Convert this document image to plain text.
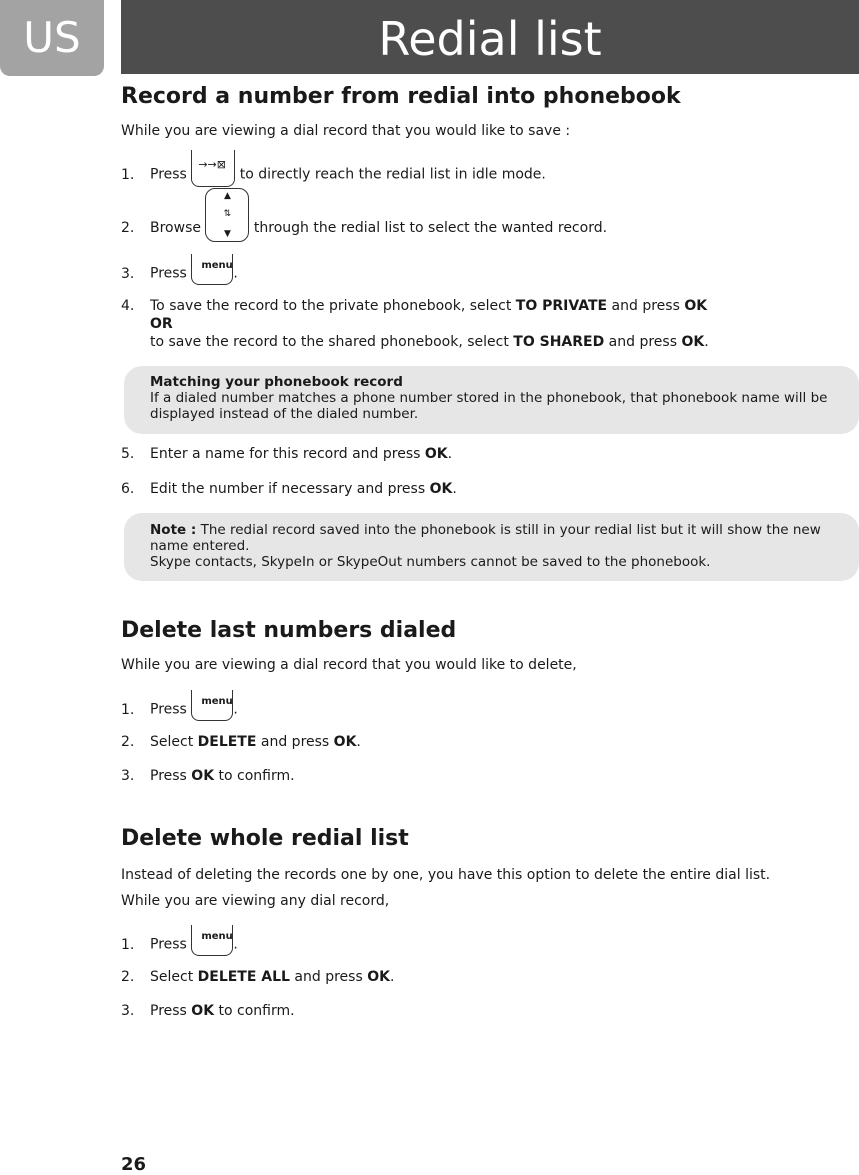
US	Redial list
Record a number from redial into phonebook

While you are viewing a dial record that you would like to save :

1. Press
→→⊠
to directly reach the redial list in idle mode.

2. Browse
▲
⇅
▼	through the redial list to select the wanted record.

3. Press menu .

4. To save the record to the private phonebook, select TO PRIVATE and press OK

OR

to save the record to the shared phonebook, select TO SHARED and press OK.

Matching your phonebook record
If a dialed number matches a phone number stored in the phonebook, that phonebook name will be displayed instead of the dialed number.

5. Enter a name for this record and press OK.

6. Edit the number if necessary and press OK.

Note : The redial record saved into the phonebook is still in your redial list but it will show the new name entered.
Skype contacts, SkypeIn or SkypeOut numbers cannot be saved to the phonebook.
Delete last numbers dialed

While you are viewing a dial record that you would like to delete,

1. Press menu .

2. Select DELETE and press OK.

3. Press OK to confirm.

Delete whole redial list

Instead of deleting the records one by one, you have this option to delete the entire dial list.

While you are viewing any dial record,

1. Press menu .

2. Select DELETE ALL and press OK.

3. Press OK to confirm.

26
